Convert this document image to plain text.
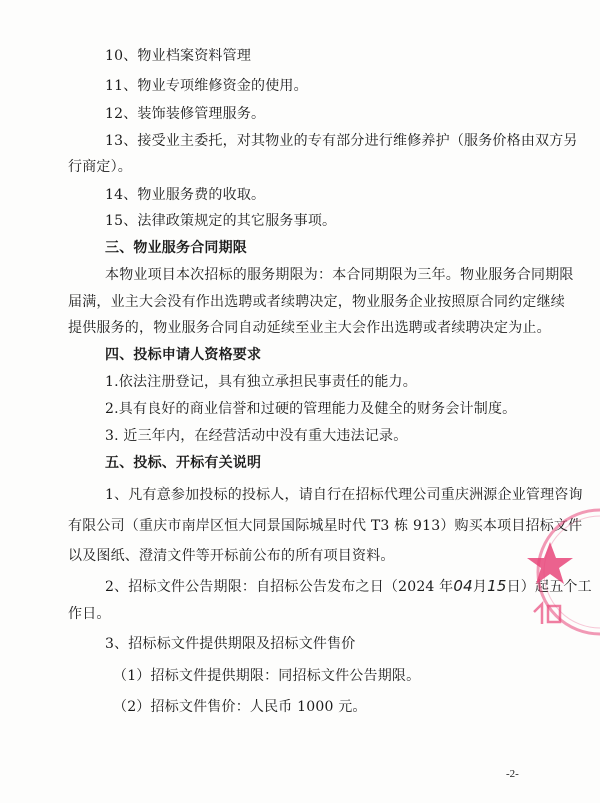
10、物业档案资料管理
11、物业专项维修资金的使用。
12、装饰装修管理服务。
13、接受业主委托，对其物业的专有部分进行维修养护（服务价格由双方另
行商定）。
14、物业服务费的收取。
15、法律政策规定的其它服务事项。
三、物业服务合同期限
本物业项目本次招标的服务期限为：本合同期限为三年。物业服务合同期限
届满，业主大会没有作出选聘或者续聘决定，物业服务企业按照原合同约定继续
提供服务的，物业服务合同自动延续至业主大会作出选聘或者续聘决定为止。
四、投标申请人资格要求
1.依法注册登记，具有独立承担民事责任的能力。
2.具有良好的商业信誉和过硬的管理能力及健全的财务会计制度。
3. 近三年内，在经营活动中没有重大违法记录。
五、投标、开标有关说明
1、凡有意参加投标的投标人，请自行在招标代理公司重庆洲源企业管理咨询
有限公司（重庆市南岸区恒大同景国际城星时代 T3 栋 913）购买本项目招标文件
以及图纸、澄清文件等开标前公布的所有项目资料。
2、招标文件公告期限：自招标公告发布之日（2024 年04月15日）起五个工
作日。
3、招标标文件提供期限及招标文件售价
（1）招标文件提供期限：同招标文件公告期限。
（2）招标文件售价：人民币 1000 元。
-2-
